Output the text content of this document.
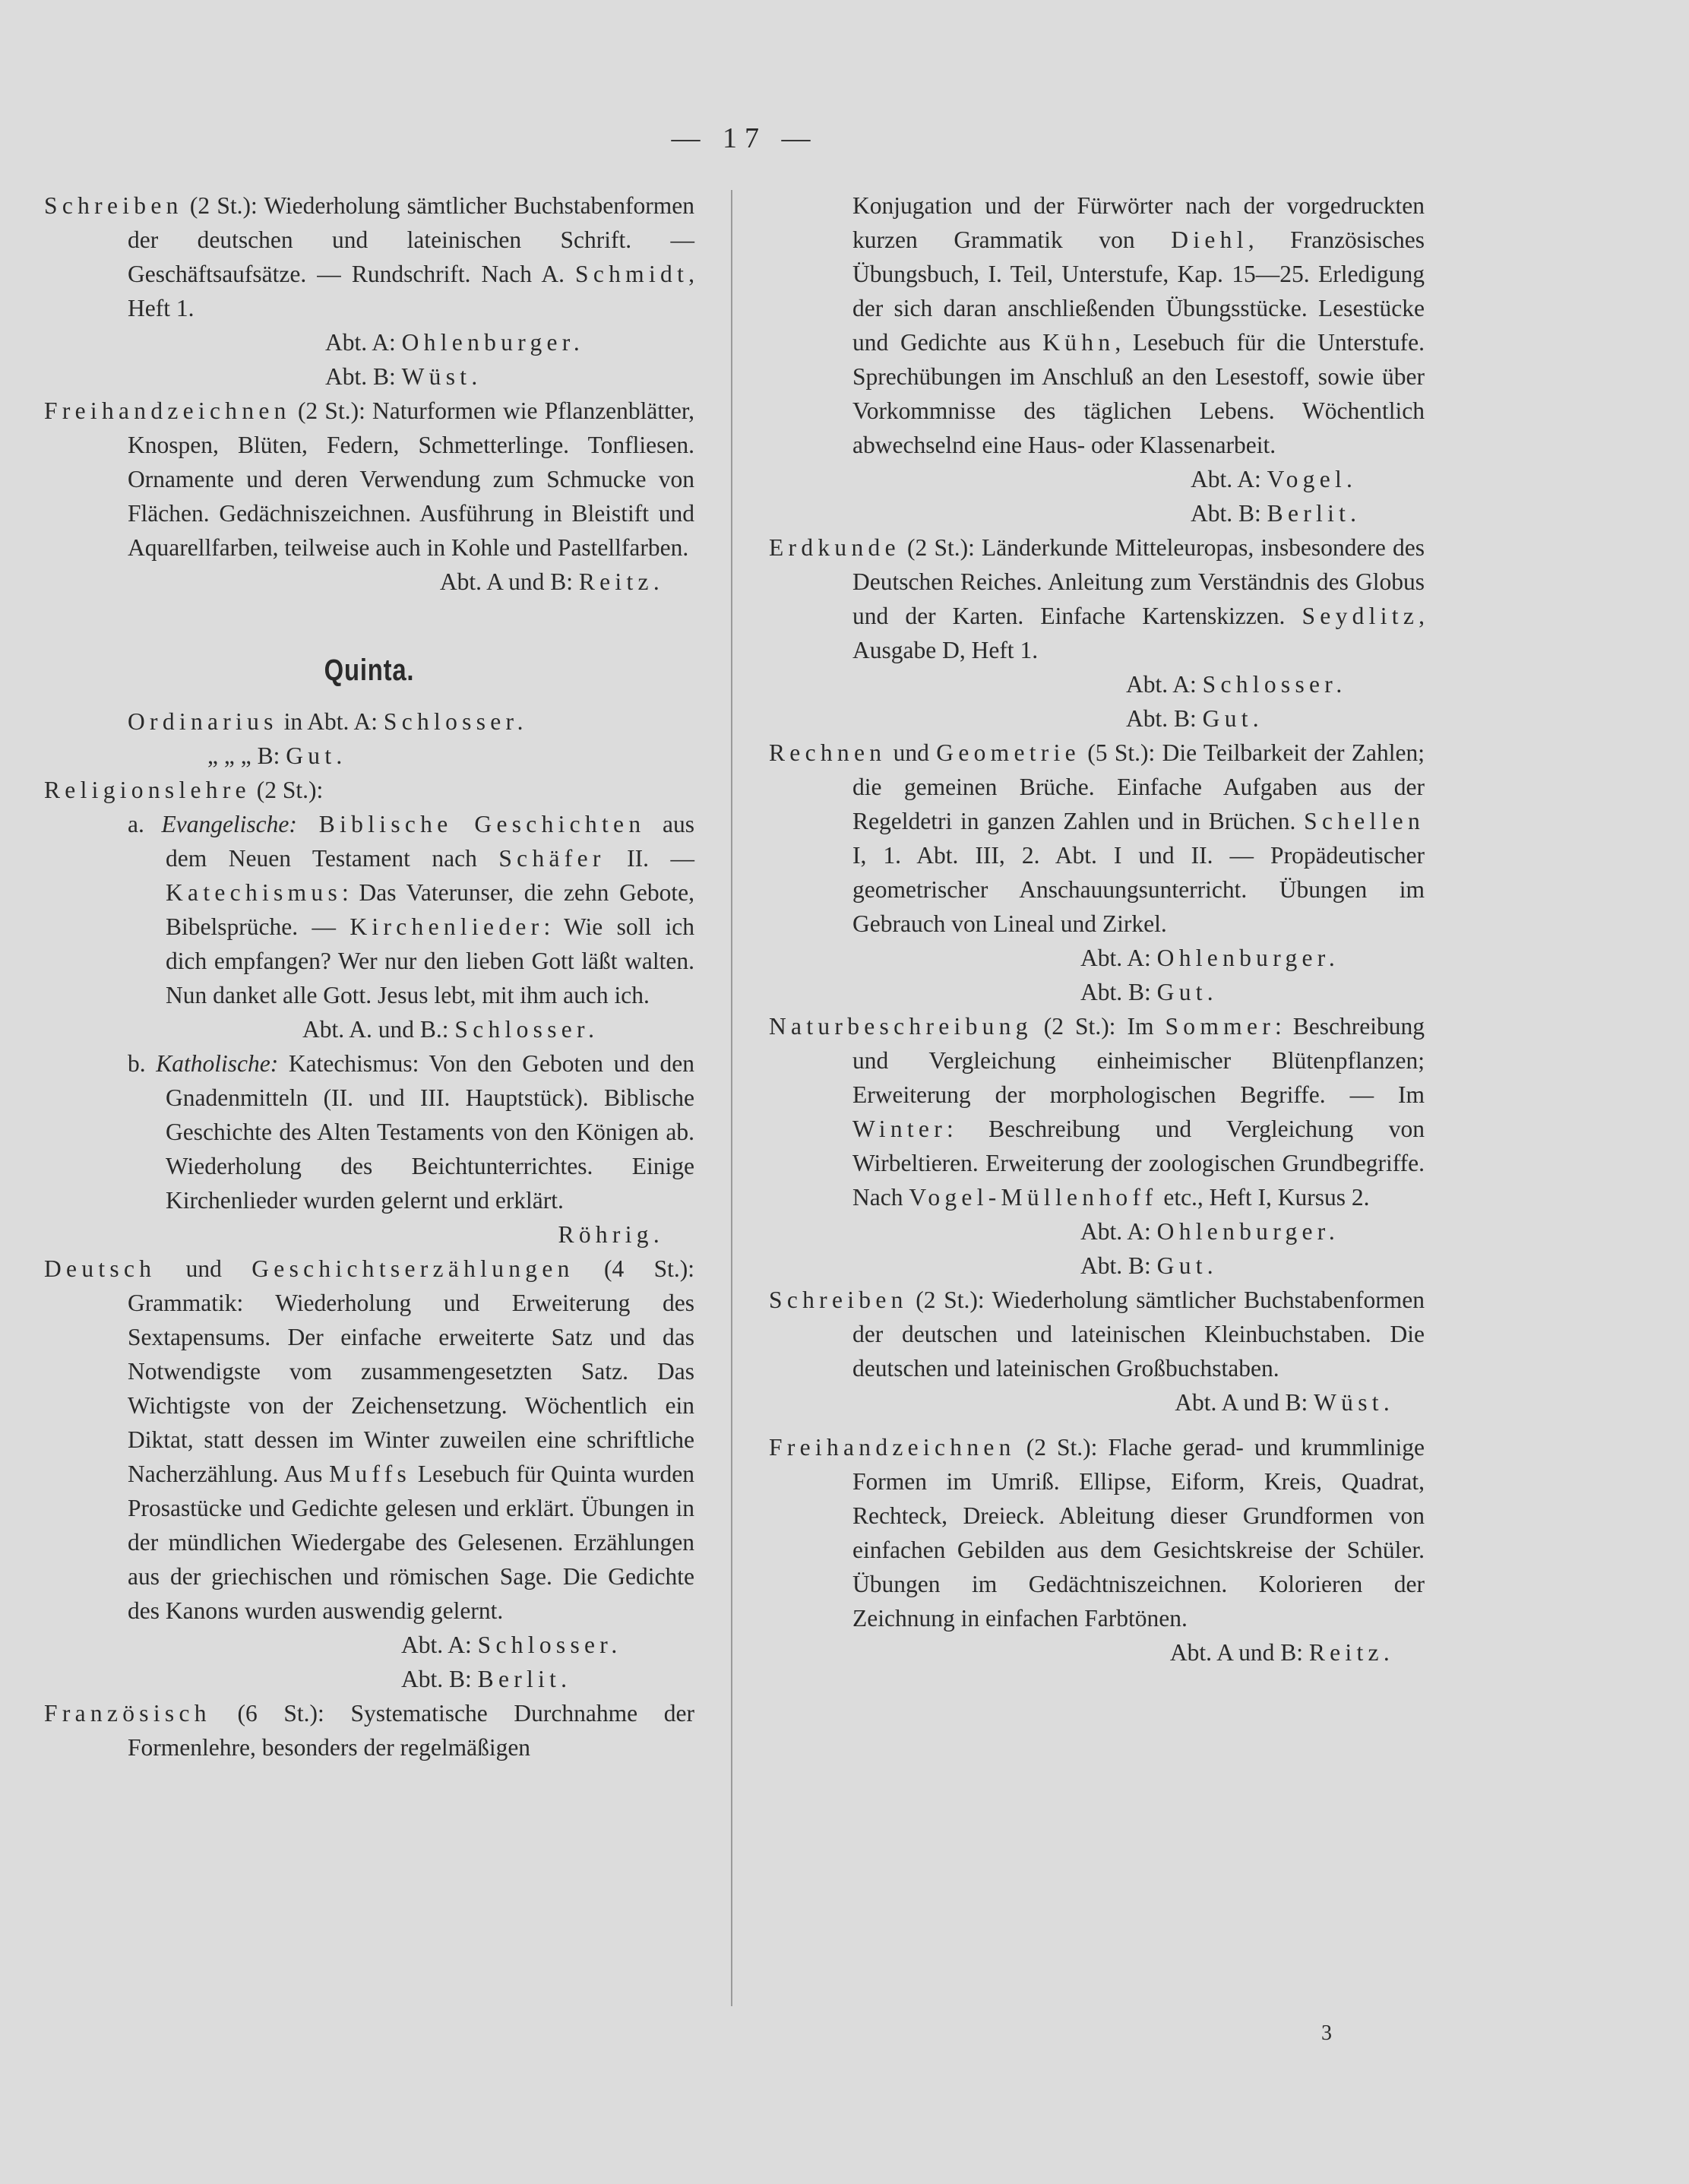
— 17 —

Schreiben (2 St.): Wiederholung sämtlicher Buchstabenformen der deutschen und lateinischen Schrift. — Geschäftsaufsätze. — Rundschrift. Nach A. Schmidt, Heft 1.

Abt. A: Ohlenburger.

Abt. B: Wüst.

Freihandzeichnen (2 St.): Naturformen wie Pflanzenblätter, Knospen, Blüten, Federn, Schmetterlinge. Tonfliesen. Ornamente und deren Verwendung zum Schmucke von Flächen. Gedächniszeichnen. Ausführung in Bleistift und Aquarellfarben, teilweise auch in Kohle und Pastellfarben.

Abt. A und B: Reitz.

Quinta.

Ordinarius in Abt. A: Schlosser.

„ „ „ B: Gut.

Religionslehre (2 St.):

a. Evangelische: Biblische Geschichten aus dem Neuen Testament nach Schäfer II. — Katechismus: Das Vaterunser, die zehn Gebote, Bibelsprüche. — Kirchenlieder: Wie soll ich dich empfangen? Wer nur den lieben Gott läßt walten. Nun danket alle Gott. Jesus lebt, mit ihm auch ich.

Abt. A. und B.: Schlosser.

b. Katholische: Katechismus: Von den Geboten und den Gnadenmitteln (II. und III. Hauptstück). Biblische Geschichte des Alten Testaments von den Königen ab. Wiederholung des Beichtunterrichtes. Einige Kirchenlieder wurden gelernt und erklärt.

Röhrig.

Deutsch und Geschichtserzählungen (4 St.): Grammatik: Wiederholung und Erweiterung des Sextapensums. Der einfache erweiterte Satz und das Notwendigste vom zusammengesetzten Satz. Das Wichtigste von der Zeichensetzung. Wöchentlich ein Diktat, statt dessen im Winter zuweilen eine schriftliche Nacherzählung. Aus Muffs Lesebuch für Quinta wurden Prosastücke und Gedichte gelesen und erklärt. Übungen in der mündlichen Wiedergabe des Gelesenen. Erzählungen aus der griechischen und römischen Sage. Die Gedichte des Kanons wurden auswendig gelernt.

Abt. A: Schlosser.

Abt. B: Berlit.

Französisch (6 St.): Systematische Durchnahme der Formenlehre, besonders der regelmäßigen

Konjugation und der Fürwörter nach der vorgedruckten kurzen Grammatik von Diehl, Französisches Übungsbuch, I. Teil, Unterstufe, Kap. 15—25. Erledigung der sich daran anschließenden Übungsstücke. Lesestücke und Gedichte aus Kühn, Lesebuch für die Unterstufe. Sprechübungen im Anschluß an den Lesestoff, sowie über Vorkommnisse des täglichen Lebens. Wöchentlich abwechselnd eine Haus- oder Klassenarbeit.

Abt. A: Vogel.

Abt. B: Berlit.

Erdkunde (2 St.): Länderkunde Mitteleuropas, insbesondere des Deutschen Reiches. Anleitung zum Verständnis des Globus und der Karten. Einfache Kartenskizzen. Seydlitz, Ausgabe D, Heft 1.

Abt. A: Schlosser.

Abt. B: Gut.

Rechnen und Geometrie (5 St.): Die Teilbarkeit der Zahlen; die gemeinen Brüche. Einfache Aufgaben aus der Regeldetri in ganzen Zahlen und in Brüchen. Schellen I, 1. Abt. III, 2. Abt. I und II. — Propädeutischer geometrischer Anschauungsunterricht. Übungen im Gebrauch von Lineal und Zirkel.

Abt. A: Ohlenburger.

Abt. B: Gut.

Naturbeschreibung (2 St.): Im Sommer: Beschreibung und Vergleichung einheimischer Blütenpflanzen; Erweiterung der morphologischen Begriffe. — Im Winter: Beschreibung und Vergleichung von Wirbeltieren. Erweiterung der zoologischen Grundbegriffe. Nach Vogel-Müllenhoff etc., Heft I, Kursus 2.

Abt. A: Ohlenburger.

Abt. B: Gut.

Schreiben (2 St.): Wiederholung sämtlicher Buchstabenformen der deutschen und lateinischen Kleinbuchstaben. Die deutschen und lateinischen Großbuchstaben.

Abt. A und B: Wüst.

Freihandzeichnen (2 St.): Flache gerad- und krummlinige Formen im Umriß. Ellipse, Eiform, Kreis, Quadrat, Rechteck, Dreieck. Ableitung dieser Grundformen von einfachen Gebilden aus dem Gesichtskreise der Schüler. Übungen im Gedächtniszeichnen. Kolorieren der Zeichnung in einfachen Farbtönen.

Abt. A und B: Reitz.

3
